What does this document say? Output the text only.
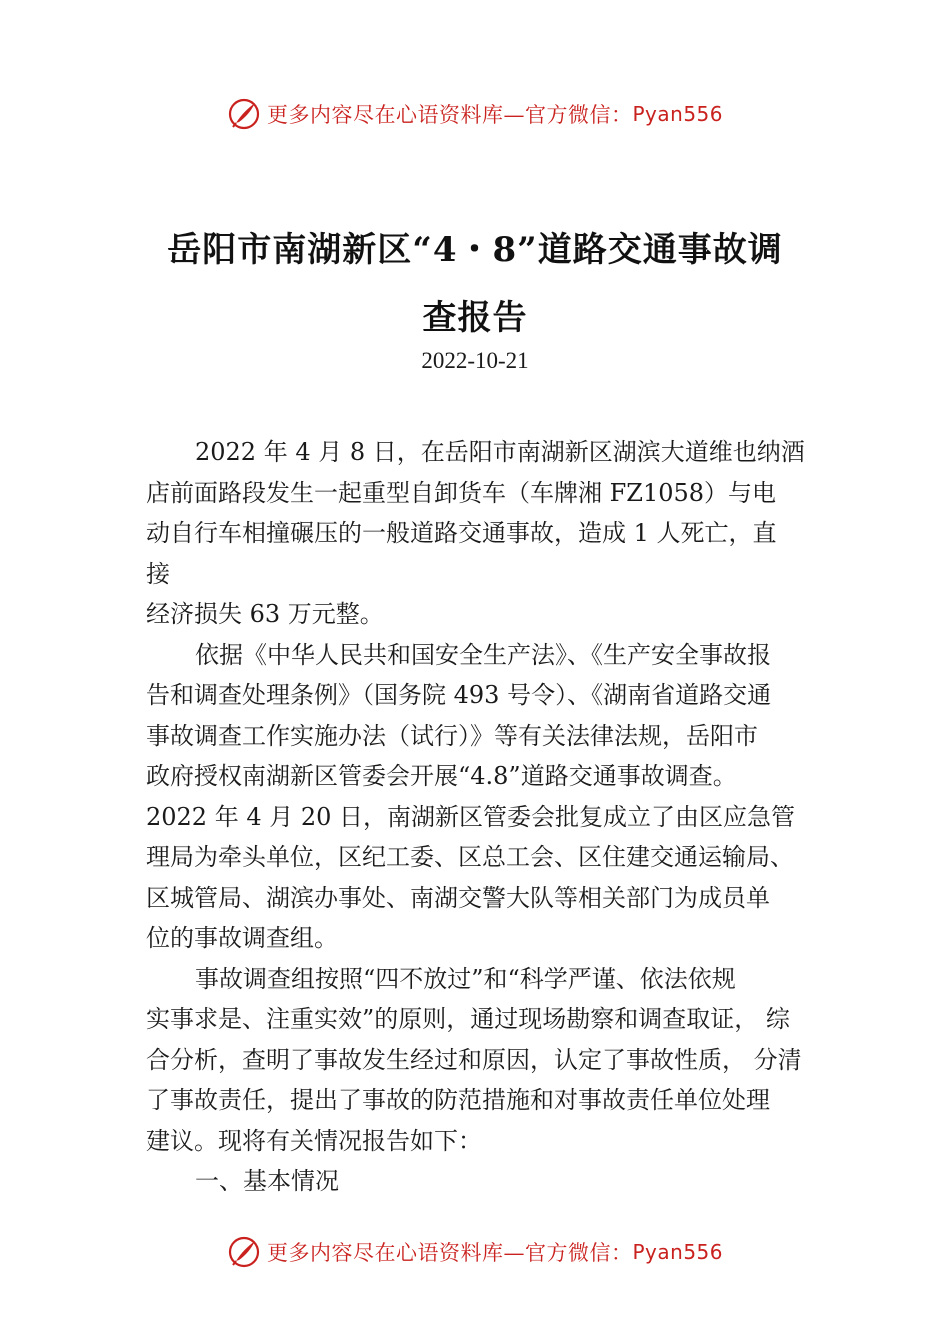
更多内容尽在心语资料库—官方微信： Pyan556
岳阳市南湖新区“4・8”道路交通事故调
查报告
2022-10-21
2022 年 4 月 8 日，在岳阳市南湖新区湖滨大道维也纳酒
店前面路段发生一起重型自卸货车（车牌湘 FZ1058）与电
动自行车相撞碾压的一般道路交通事故，造成 1 人死亡，直
接
经济损失 63 万元整。
依据《中华人民共和国安全生产法》、《生产安全事故报
告和调查处理条例》（国务院 493 号令）、《湖南省道路交通
事故调查工作实施办法（试行）》等有关法律法规，岳阳市
政府授权南湖新区管委会开展“4.8”道路交通事故调查。
2022 年 4 月 20 日，南湖新区管委会批复成立了由区应急管
理局为牵头单位，区纪工委、区总工会、区住建交通运输局、
区城管局、湖滨办事处、南湖交警大队等相关部门为成员单
位的事故调查组。
事故调查组按照“四不放过”和“科学严谨、依法依规
实事求是、注重实效”的原则，通过现场勘察和调查取证， 综
合分析，查明了事故发生经过和原因，认定了事故性质， 分清
了事故责任，提出了事故的防范措施和对事故责任单位处理
建议。现将有关情况报告如下：
一、基本情况
更多内容尽在心语资料库—官方微信： Pyan556
